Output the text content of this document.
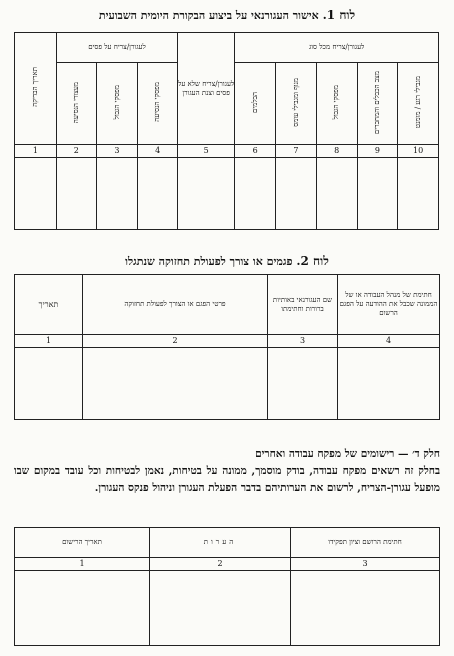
לוח 1. אישור העגורנאי על ביצוע הבקורת היומית השבועית
לעגורן/צריח מכל סוג					לעגורן/צריח שלא על פסים וצנת העגורן	לעגורן/צריח על פסים			תאריך הבדיקה
מגבילי רגע / מומנט	מצב הכבלים והמחברים	מפסקי הגבול	מנוף ומגבילי עומס	הבלמים		מפסקי הנסיעה	מפסקי הגבול	מעצורי הנסיעה	
10	9	8	7	6	5	4	3	2	1

לוח 2. פגמים או צורך לפעולת תחזוקה שנתגלו
חתימת של מנהל העבודה או של הממונה שכבל את ההודעה על הפגם הרשום	שם העגורנאי באותיות ברורות וחתימתו	פרטי הפגם או הצורך לפעולת תחזוקה	תאריך
4	3	2	1

חלק ד׳ — רישומים של מפקח עבודה ואחרים
בחלק זה רשאים מפקח עבודה, בודק מוסמך, ממונה על בטיחות, נאמן לבטיחות וכל עובד במקום שבו מופעל עגורן-הצריח, לרשום את הערותיהם בדבר הפעלת העגורן וניהול פנקס העגורן.
חתימת הרושם וציון תפקידו	הערות	תאריך הרישום
3	2	1
